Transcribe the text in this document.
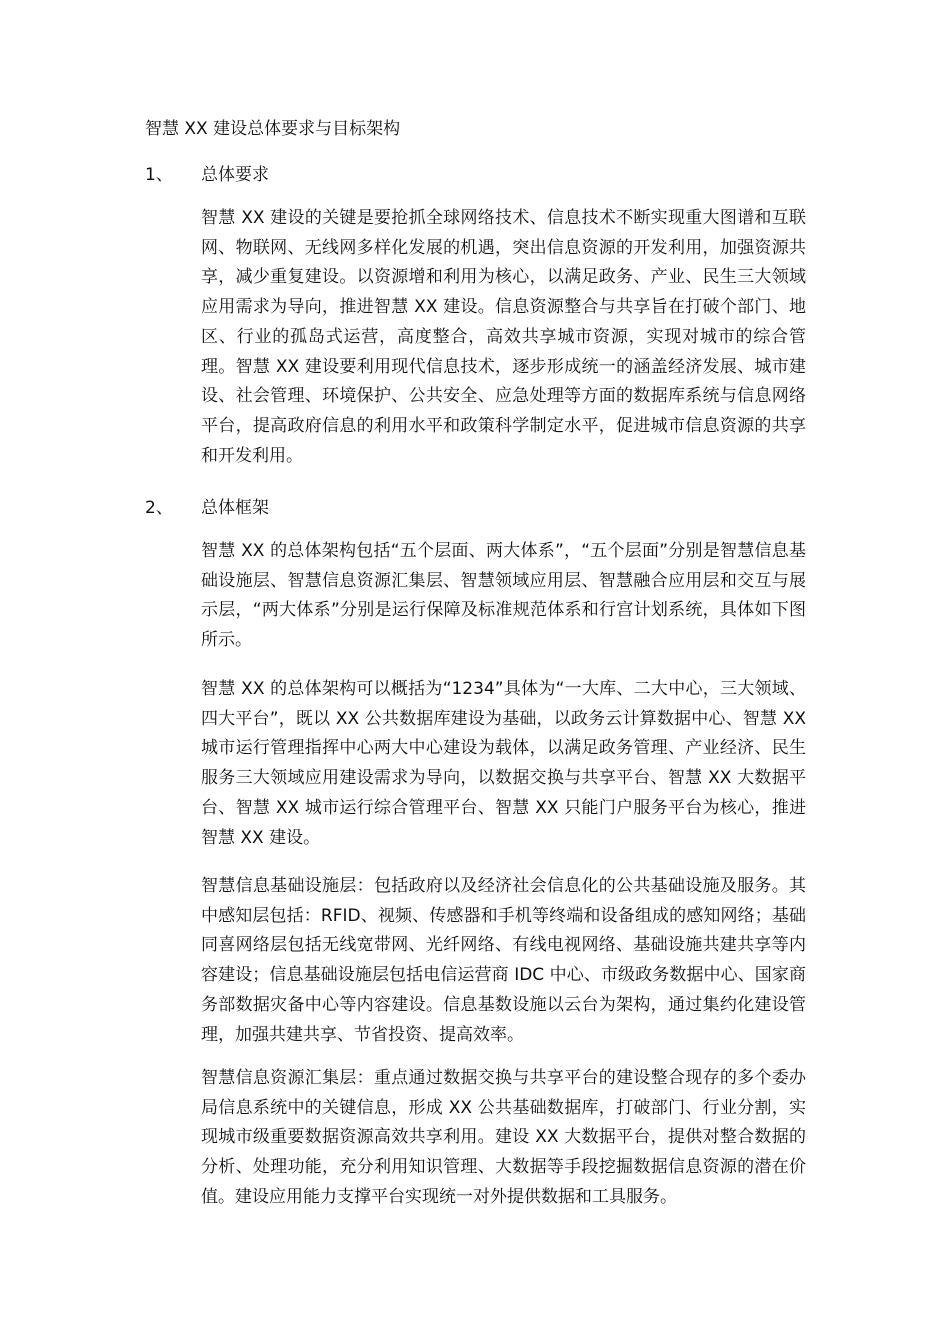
智慧 XX 建设总体要求与目标架构
1、 总体要求

智慧 XX 建设的关键是要抢抓全球网络技术、信息技术不断实现重大图谱和互联网、物联网、无线网多样化发展的机遇，突出信息资源的开发利用，加强资源共享，减少重复建设。以资源增和利用为核心，以满足政务、产业、民生三大领域应用需求为导向，推进智慧 XX 建设。信息资源整合与共享旨在打破个部门、地区、行业的孤岛式运营，高度整合，高效共享城市资源，实现对城市的综合管理。智慧 XX 建设要利用现代信息技术，逐步形成统一的涵盖经济发展、城市建设、社会管理、环境保护、公共安全、应急处理等方面的数据库系统与信息网络平台，提高政府信息的利用水平和政策科学制定水平，促进城市信息资源的共享和开发利用。

2、 总体框架

智慧 XX 的总体架构包括“五个层面、两大体系”，“五个层面”分别是智慧信息基础设施层、智慧信息资源汇集层、智慧领域应用层、智慧融合应用层和交互与展示层，“两大体系”分别是运行保障及标准规范体系和行宫计划系统，具体如下图所示。

智慧 XX 的总体架构可以概括为“1234”具体为“一大库、二大中心，三大领域、四大平台”，既以 XX 公共数据库建设为基础，以政务云计算数据中心、智慧 XX 城市运行管理指挥中心两大中心建设为载体，以满足政务管理、产业经济、民生服务三大领域应用建设需求为导向，以数据交换与共享平台、智慧 XX 大数据平台、智慧 XX 城市运行综合管理平台、智慧 XX 只能门户服务平台为核心，推进智慧 XX 建设。

智慧信息基础设施层：包括政府以及经济社会信息化的公共基础设施及服务。其中感知层包括：RFID、视频、传感器和手机等终端和设备组成的感知网络；基础同喜网络层包括无线宽带网、光纤网络、有线电视网络、基础设施共建共享等内容建设；信息基础设施层包括电信运营商 IDC 中心、市级政务数据中心、国家商务部数据灾备中心等内容建设。信息基数设施以云台为架构，通过集约化建设管理，加强共建共享、节省投资、提高效率。

智慧信息资源汇集层：重点通过数据交换与共享平台的建设整合现存的多个委办局信息系统中的关键信息，形成 XX 公共基础数据库，打破部门、行业分割，实现城市级重要数据资源高效共享利用。建设 XX 大数据平台，提供对整合数据的分析、处理功能，充分利用知识管理、大数据等手段挖掘数据信息资源的潜在价值。建设应用能力支撑平台实现统一对外提供数据和工具服务。
